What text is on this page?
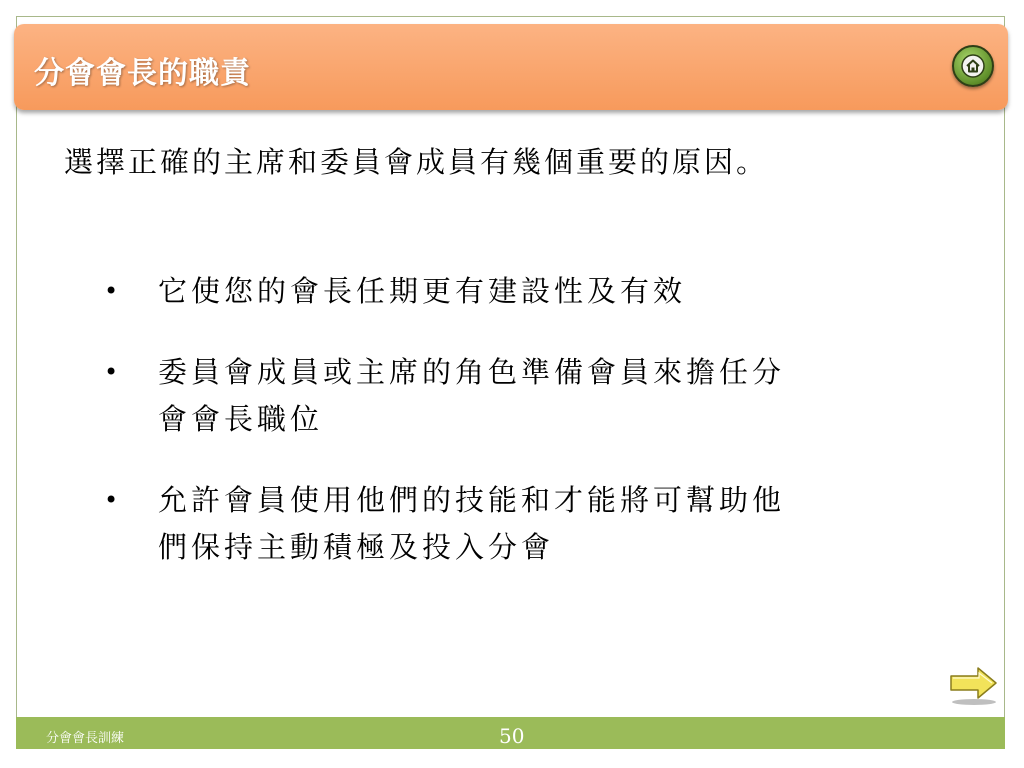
分會會長的職責
選擇正確的主席和委員會成員有幾個重要的原因。
• 它使您的會長任期更有建設性及有效
• 委員會成員或主席的角色準備會員來擔任分
會會長職位
• 允許會員使用他們的技能和才能將可幫助他
們保持主動積極及投入分會
分會會長訓練	50
